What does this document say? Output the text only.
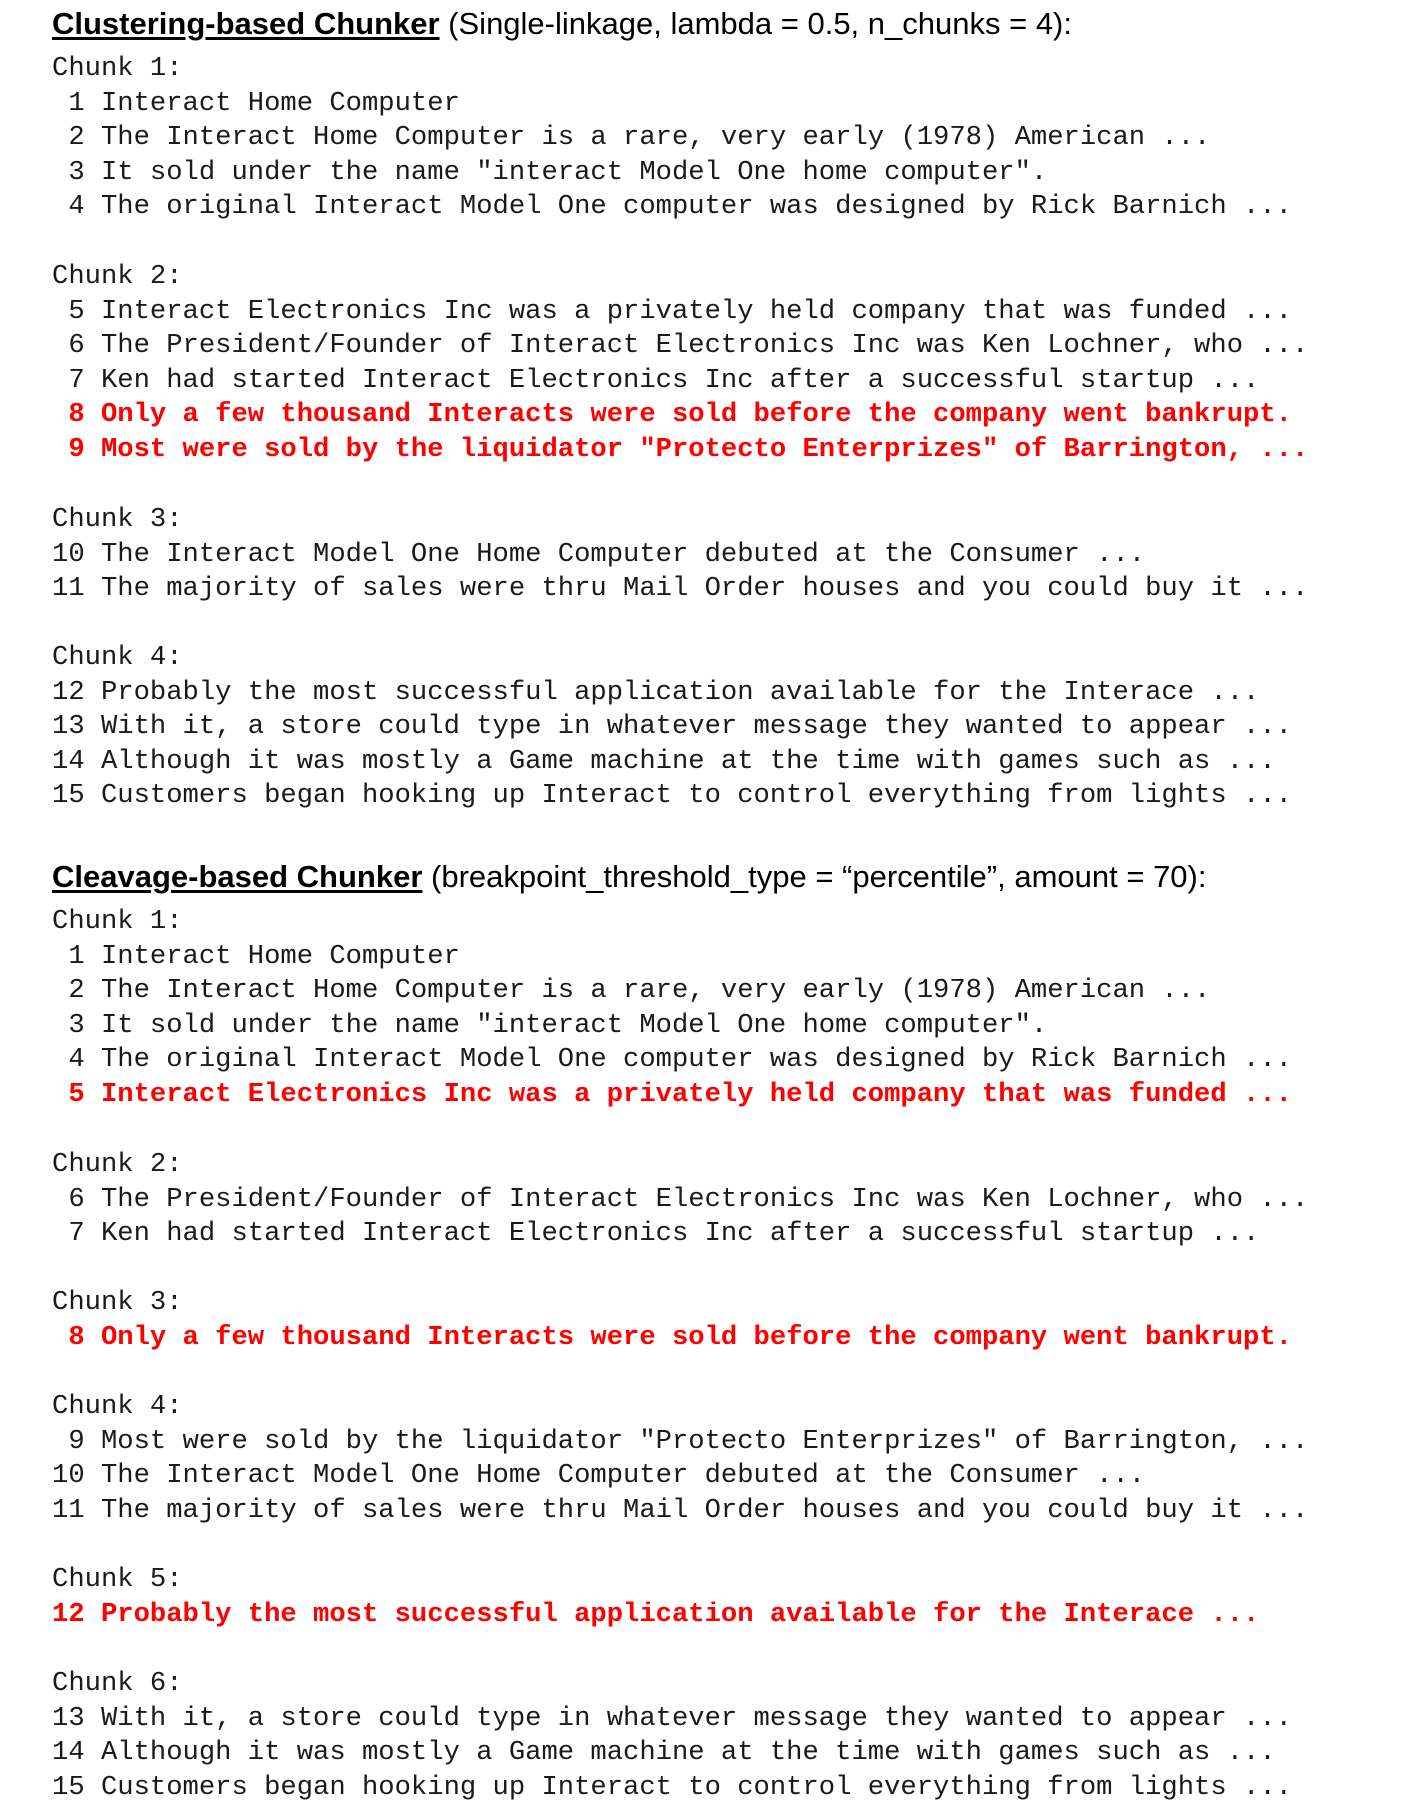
Clustering-based Chunker (Single-linkage, lambda = 0.5, n_chunks = 4):
Chunk 1:
1 Interact Home Computer
2 The Interact Home Computer is a rare, very early (1978) American ...
3 It sold under the name "interact Model One home computer".
4 The original Interact Model One computer was designed by Rick Barnich ...
Chunk 2:
5 Interact Electronics Inc was a privately held company that was funded ...
6 The President/Founder of Interact Electronics Inc was Ken Lochner, who ...
7 Ken had started Interact Electronics Inc after a successful startup ...
8 Only a few thousand Interacts were sold before the company went bankrupt.
9 Most were sold by the liquidator "Protecto Enterprizes" of Barrington, ...
Chunk 3:
10 The Interact Model One Home Computer debuted at the Consumer ...
11 The majority of sales were thru Mail Order houses and you could buy it ...
Chunk 4:
12 Probably the most successful application available for the Interace ...
13 With it, a store could type in whatever message they wanted to appear ...
14 Although it was mostly a Game machine at the time with games such as ...
15 Customers began hooking up Interact to control everything from lights ...
Cleavage-based Chunker (breakpoint_threshold_type = “percentile”, amount = 70):
Chunk 1:
1 Interact Home Computer
2 The Interact Home Computer is a rare, very early (1978) American ...
3 It sold under the name "interact Model One home computer".
4 The original Interact Model One computer was designed by Rick Barnich ...
5 Interact Electronics Inc was a privately held company that was funded ...
Chunk 2:
6 The President/Founder of Interact Electronics Inc was Ken Lochner, who ...
7 Ken had started Interact Electronics Inc after a successful startup ...
Chunk 3:
8 Only a few thousand Interacts were sold before the company went bankrupt.
Chunk 4:
9 Most were sold by the liquidator "Protecto Enterprizes" of Barrington, ...
10 The Interact Model One Home Computer debuted at the Consumer ...
11 The majority of sales were thru Mail Order houses and you could buy it ...
Chunk 5:
12 Probably the most successful application available for the Interace ...
Chunk 6:
13 With it, a store could type in whatever message they wanted to appear ...
14 Although it was mostly a Game machine at the time with games such as ...
15 Customers began hooking up Interact to control everything from lights ...
